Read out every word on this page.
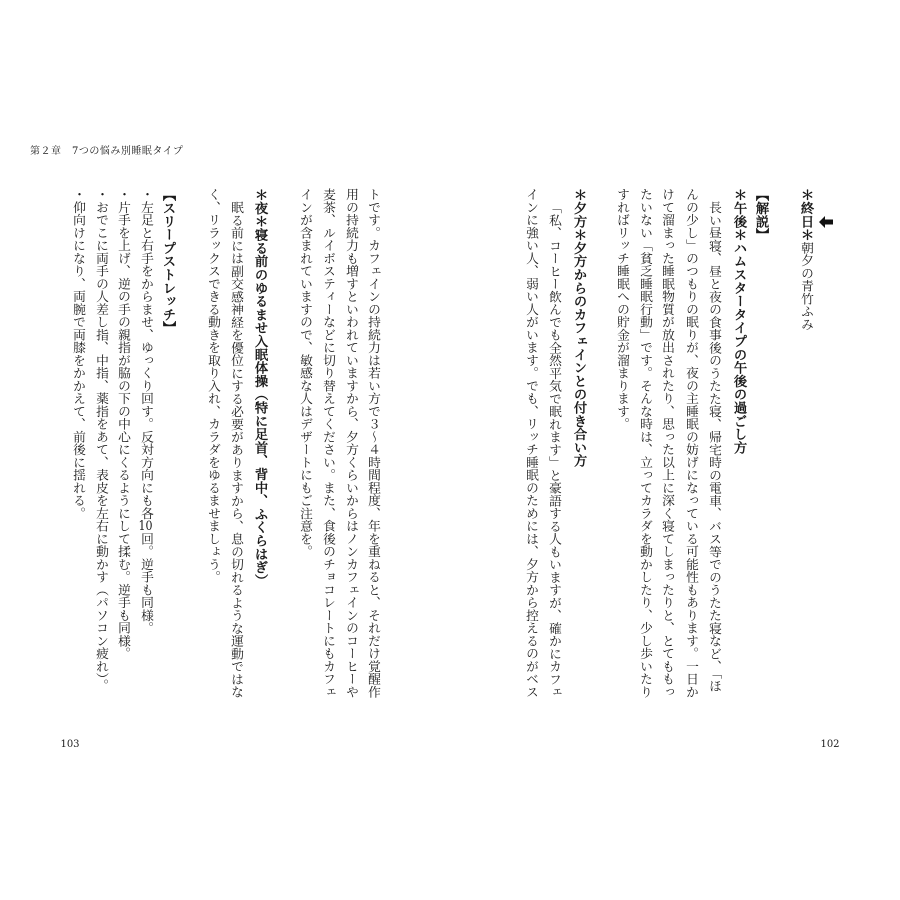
第２章　7つの悩み別睡眠タイプ
トです。カフェインの持続力は若い方で３～４時間程度、年を重ねると、それだけ覚醒作
用の持続力も増すといわれていますから、夕方くらいからはノンカフェインのコーヒーや
麦茶、ルイボスティーなどに切り替えてください。また、食後のチョコレートにもカフェ
インが含まれていますので、敏感な人はデザートにもご注意を。
＊夜＊寝る前のゆるませ入眠体操（特に足首、背中、ふくらはぎ）
眠る前には副交感神経を優位にする必要がありますから、息の切れるような運動ではな
く、リラックスできる動きを取り入れ、カラダをゆるませましょう。
【スリープストレッチ】
・左足と右手をからませ、ゆっくり回す。反対方向にも各10回。逆手も同様。
・片手を上げ、逆の手の親指が脇の下の中心にくるようにして揉む。逆手も同様。
・おでこに両手の人差し指、中指、薬指をあて、表皮を左右に動かす（パソコン疲れ）。
・仰向けになり、両腕で両膝をかかえて、前後に揺れる。
103
＊終日＊朝夕の青竹ふみ
【解説】
＊午後＊ハムスタータイプの午後の過ごし方
長い昼寝、昼と夜の食事後のうたた寝、帰宅時の電車、バス等でのうたた寝など、「ほ
んの少し」のつもりの眠りが、夜の主睡眠の妨げになっている可能性もあります。一日か
けて溜まった睡眠物質が放出されたり、思った以上に深く寝てしまったりと、とてももっ
たいない「貧乏睡眠行動」です。そんな時は、立ってカラダを動かしたり、少し歩いたり
すればリッチ睡眠への貯金が溜まります。
＊夕方＊夕方からのカフェインとの付き合い方
「私、コーヒー飲んでも全然平気で眠れます」と豪語する人もいますが、確かにカフェ
インに強い人、弱い人がいます。でも、リッチ睡眠のためには、夕方から控えるのがベス
102
